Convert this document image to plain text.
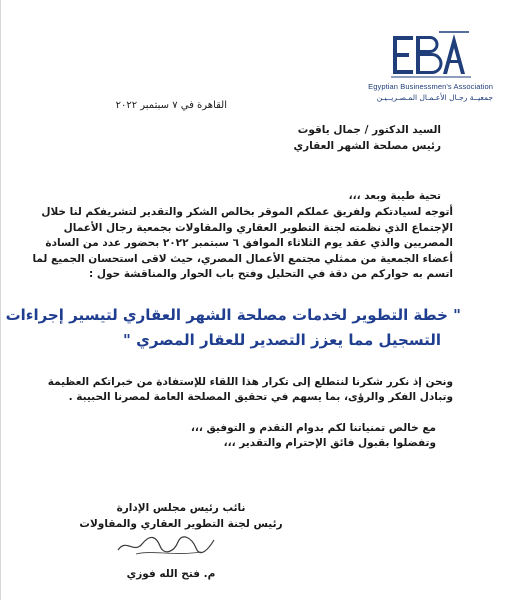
Egyptian Businessmen's Association
جمعيــة رجـال الأعـمـال المـصـريــيـن
القاهرة في ٧ سبتمبر ٢٠٢٢
السيد الدكتور / جمال ياقوت
رئيس مصلحة الشهر العقاري
تحية طيبة وبعد ،،،
أتوجه لسيادتكم ولفريق عملكم الموقر بخالص الشكر والتقدير لتشريفكم لنا خلال
الإجتماع الذي نظمته لجنة التطوير العقاري والمقاولات بجمعية رجال الأعمال
المصريين والذي عقد يوم الثلاثاء الموافق ٦ سبتمبر ٢٠٢٢ بحضور عدد من السادة
أعضاء الجمعية من ممثلي مجتمع الأعمال المصري، حيث لاقى استحسان الجميع لما
اتسم به حواركم من دقة في التحليل وفتح باب الحوار والمناقشة حول :
" خطة التطوير لخدمات مصلحة الشهر العقاري لتيسير إجراءات
التسجيل مما يعزز التصدير للعقار المصري "
ونحن إذ نكرر شكرنا لنتطلع إلى تكرار هذا اللقاء للإستفادة من خبراتكم العظيمة
وتبادل الفكر والرؤى، بما يسهم في تحقيق المصلحة العامة لمصرنا الحبيبة .
مع خالص تمنياتنا لكم بدوام التقدم و التوفيق ،،،
وتفضلوا بقبول فائق الإحترام والتقدير ،،،
نائب رئيس مجلس الإدارة
رئيس لجنة التطوير العقاري والمقاولات
م. فتح الله فوزي
